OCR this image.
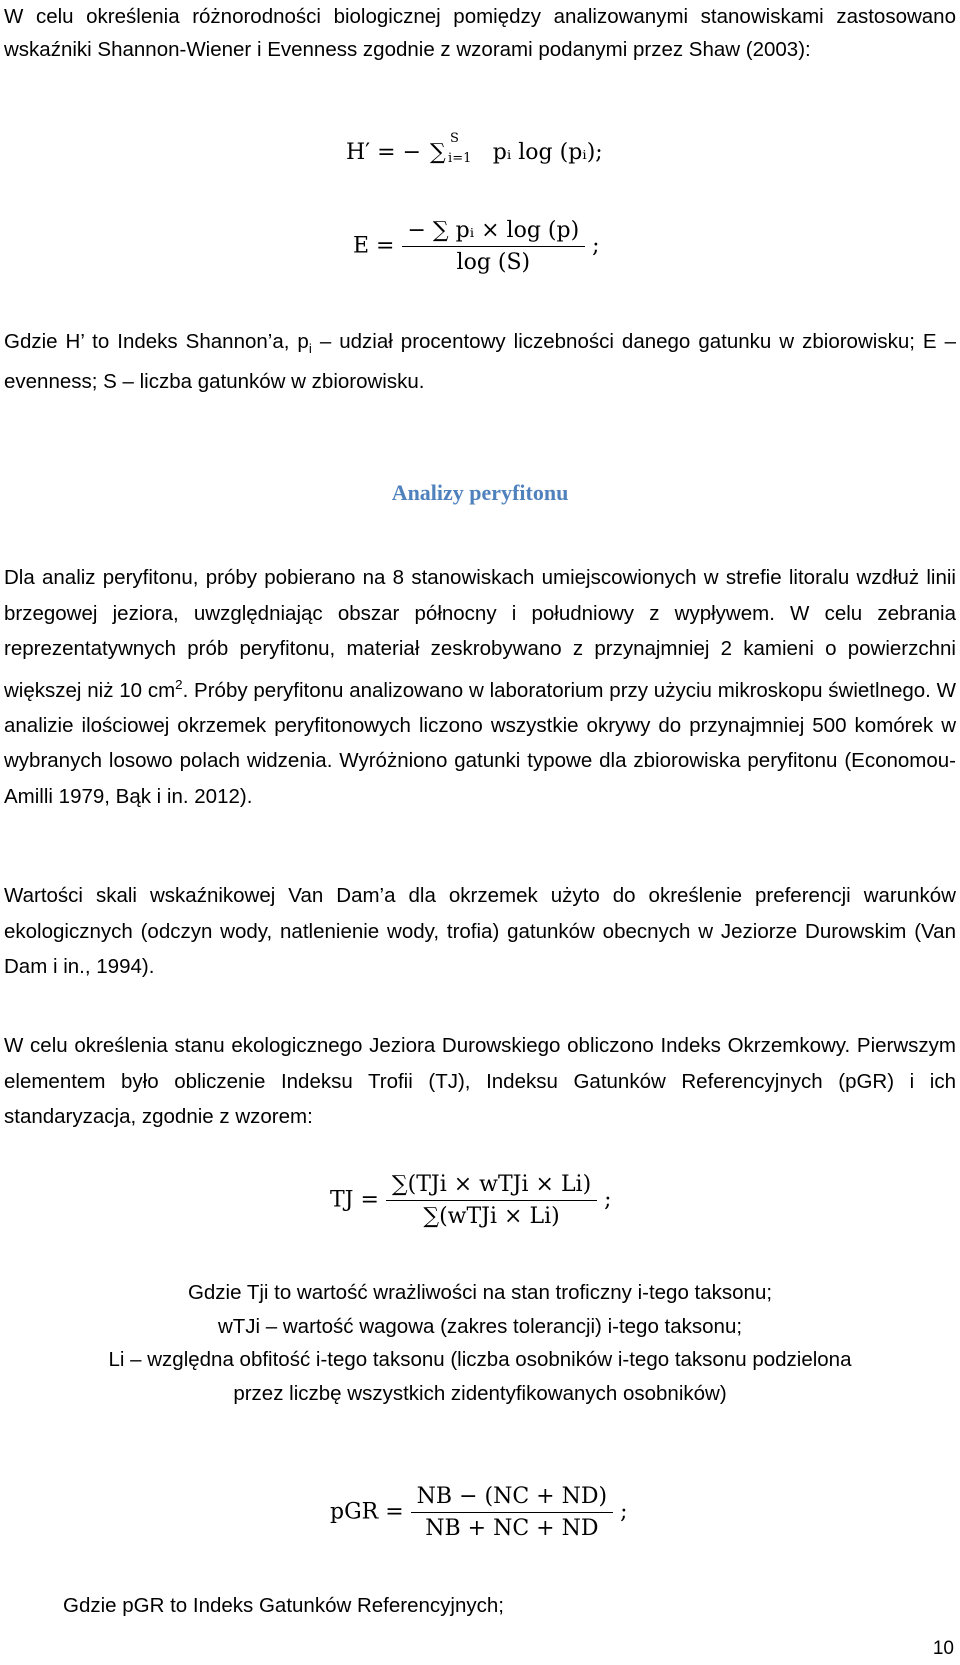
W celu określenia różnorodności biologicznej pomiędzy analizowanymi stanowiskami zastosowano wskaźniki Shannon-Wiener i Evenness zgodnie z wzorami podanymi przez Shaw (2003):

H′ = − ∑
S
i=1 pᵢ log (pᵢ);
$E = \frac{\text{− ∑ pᵢ × log (p)}}{\log (S)}$ ;

Gdzie H’ to Indeks Shannon’a, $p_i$ – udział procentowy liczebności danego gatunku w zbiorowisku; E – evenness; S – liczba gatunków w zbiorowisku.

Analizy peryfitonu

Dla analiz peryfitonu, próby pobierano na 8 stanowiskach umiejscowionych w strefie litoralu wzdłuż linii brzegowej jeziora, uwzględniając obszar północny i południowy z wypływem. W celu zebrania reprezentatywnych prób peryfitonu, materiał zeskrobywano z przynajmniej 2 kamieni o powierzchni większej niż 10 $cm^2$. Próby peryfitonu analizowano w laboratorium przy użyciu mikroskopu świetlnego. W analizie ilościowej okrzemek peryfitonowych liczono wszystkie okrywy do przynajmniej 500 komórek w wybranych losowo polach widzenia. Wyróżniono gatunki typowe dla zbiorowiska peryfitonu (Economou-Amilli 1979, Bąk i in. 2012).

Wartości skali wskaźnikowej Van Dam’a dla okrzemek użyto do określenie preferencji warunków ekologicznych (odczyn wody, natlenienie wody, trofia) gatunków obecnych w Jeziorze Durowskim (Van Dam i in., 1994).

W celu określenia stanu ekologicznego Jeziora Durowskiego obliczono Indeks Okrzemkowy. Pierwszym elementem było obliczenie Indeksu Trofii (TJ), Indeksu Gatunków Referencyjnych (pGR) i ich standaryzacja, zgodnie z wzorem:

TJ = $\frac{\text{∑(TJi × wTJi × Li)}}{\text{∑(wTJi × Li)}}$ ;
Gdzie Tji to wartość wrażliwości na stan troficzny i-tego taksonu;
wTJi – wartość wagowa (zakres tolerancji) i-tego taksonu;
Li – względna obfitość i-tego taksonu (liczba osobników i-tego taksonu podzielona
przez liczbę wszystkich zidentyfikowanych osobników)
pGR = $\frac{NB - (NC + ND)}{NB + NC + ND}$ ;

Gdzie pGR to Indeks Gatunków Referencyjnych;

10
